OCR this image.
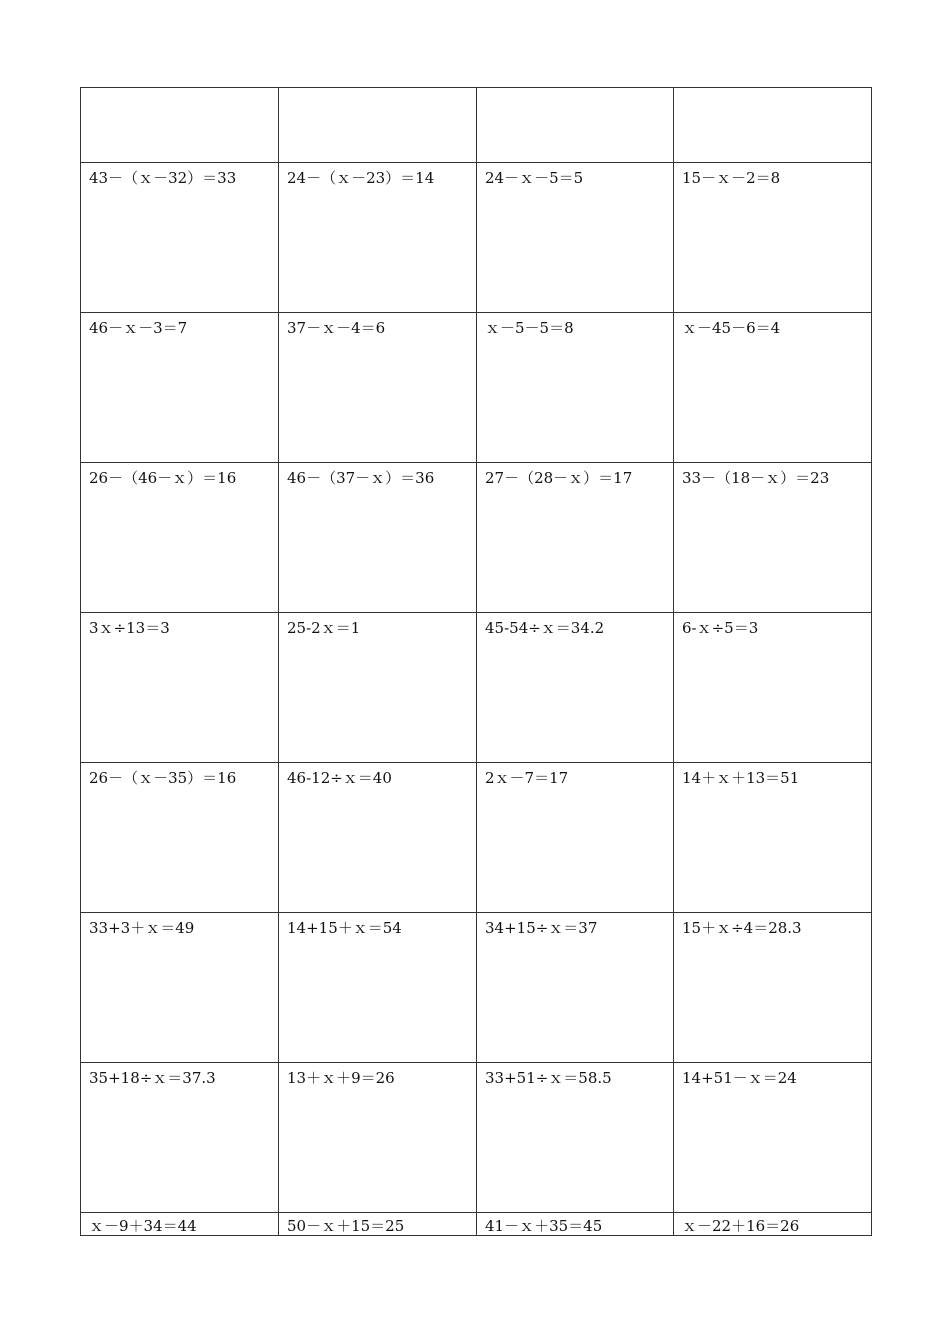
43－（ｘ－32）＝33	24－（ｘ－23）＝14	24－ｘ－5＝5	15－ｘ－2＝8
46－ｘ－3＝7	37－ｘ－4＝6	ｘ－5－5＝8	ｘ－45－6＝4
26－（46－ｘ）＝16	46－（37－ｘ）＝36	27－（28－ｘ）＝17	33－（18－ｘ）＝23
3ｘ÷13＝3	25-2ｘ＝1	45-54÷ｘ＝34.2	6-ｘ÷5＝3
26－（ｘ－35）＝16	46-12÷ｘ＝40	2ｘ－7＝17	14＋ｘ＋13＝51
33+3＋ｘ＝49	14+15＋ｘ＝54	34+15÷ｘ＝37	15＋ｘ÷4＝28.3
35+18÷ｘ＝37.3	13＋ｘ＋9＝26	33+51÷ｘ＝58.5	14+51－ｘ＝24
ｘ－9＋34＝44	50－ｘ＋15＝25	41－ｘ＋35＝45	ｘ－22＋16＝26
